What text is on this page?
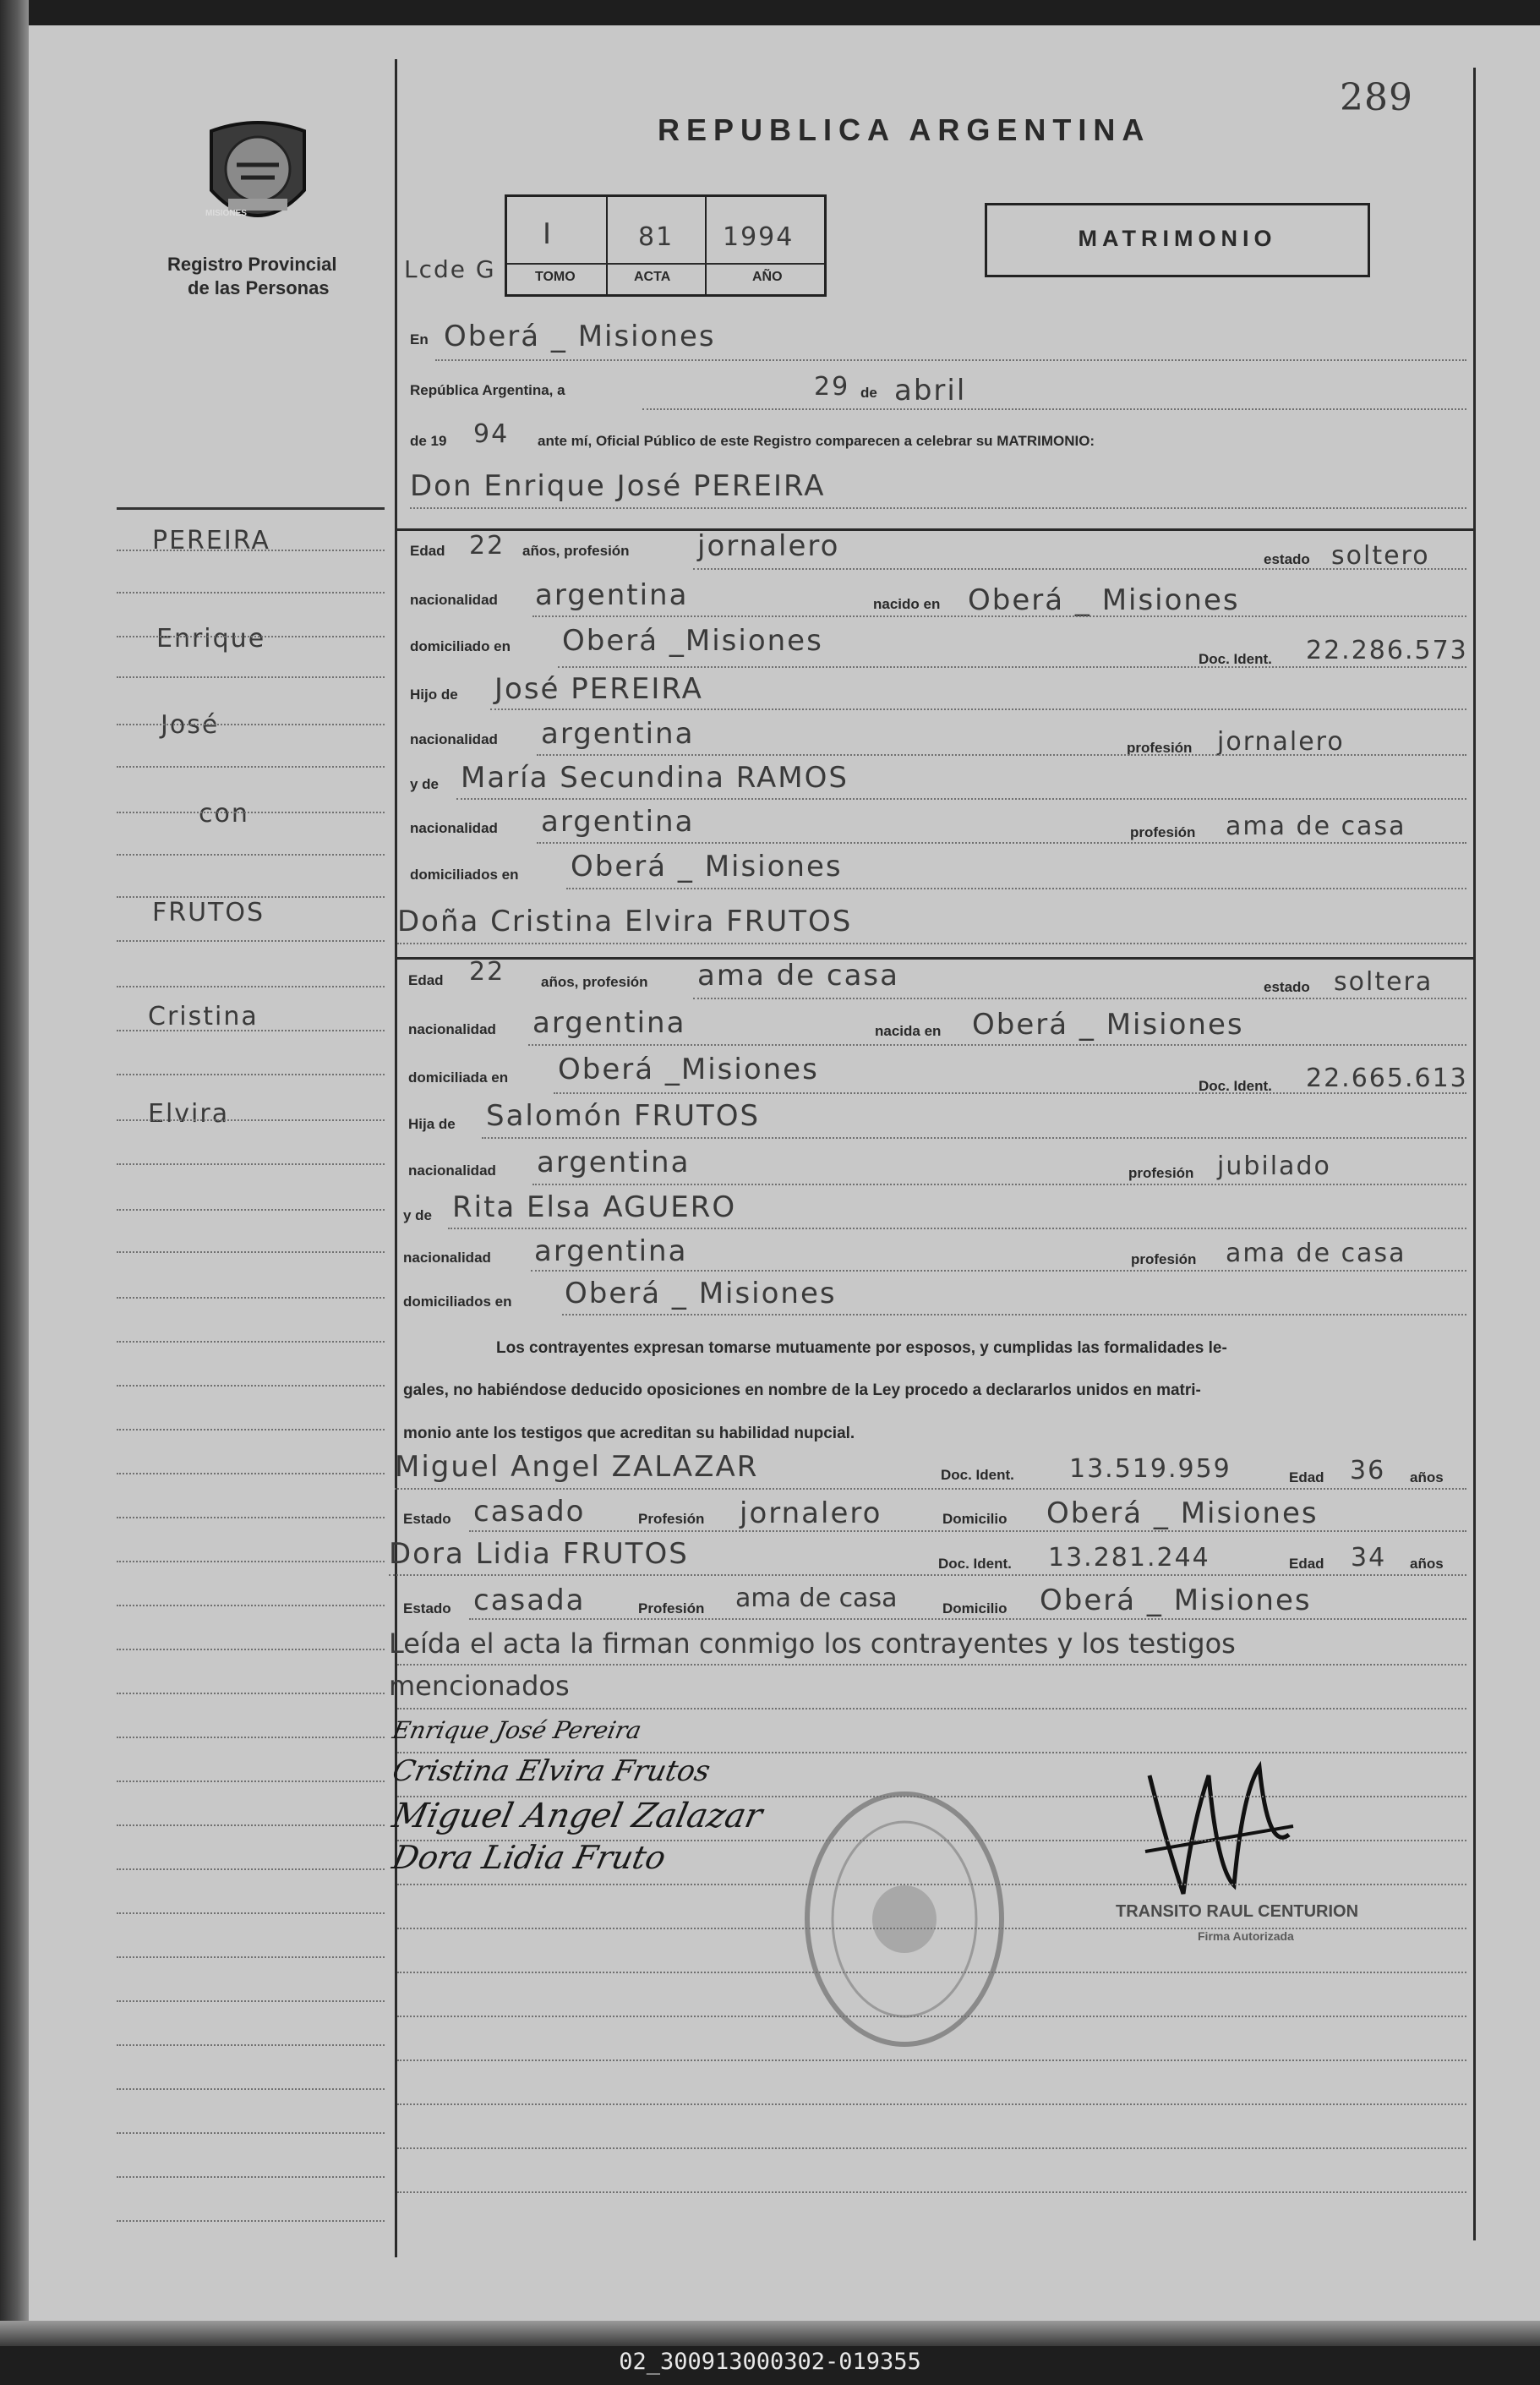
REPUBLICA ARGENTINA
289
MATRIMONIO
MISIONES
Registro Provincial
de las Personas
Lcde G
I	81 1994
TOMO	ACTA	AÑO
En Oberá _ Misiones
República Argentina, a	29 de abril
de 19 94 ante mí, Oficial Público de este Registro comparecen a celebrar su MATRIMONIO:
Don Enrique José PEREIRA
Edad 22 años, profesión jornalero	estado soltero
nacionalidad argentina	nacido en Oberá _ Misiones
domiciliado en Oberá _Misiones
Doc. Ident. 22.286.573
Hijo de José PEREIRA
nacionalidad argentina	profesión jornalero
y de María Secundina RAMOS
nacionalidad argentina	profesión ama de casa
domiciliados en Oberá _ Misiones
Doña Cristina Elvira FRUTOS
Edad 22	años, profesión ama de casa	estado soltera
nacionalidad argentina	nacida en Oberá _ Misiones
domiciliada en Oberá _Misiones	Doc. Ident. 22.665.613
Hija de Salomón FRUTOS
nacionalidad argentina	profesión jubilado
y de Rita Elsa AGUERO
nacionalidad argentina	profesión ama de casa
domiciliados en Oberá _ Misiones
Los contrayentes expresan tomarse mutuamente por esposos, y cumplidas las formalidades le-
gales, no habiéndose deducido oposiciones en nombre de la Ley procedo a declararlos unidos en matri-
monio ante los testigos que acreditan su habilidad nupcial.
Miguel Angel ZALAZAR	Doc. Ident. 13.519.959	Edad 36 años
Estado casado	Profesión jornalero	Domicilio Oberá _ Misiones
Dora Lidia FRUTOS	Doc. Ident. 13.281.244	Edad 34 años
Estado casada	Profesión ama de casa	Domicilio Oberá _ Misiones
Leída el acta la firman conmigo los contrayentes y los testigos
mencionados
Enrique José Pereira
Cristina Elvira Frutos
Miguel Angel Zalazar
Dora Lidia Fruto
TRANSITO RAUL CENTURION
Firma Autorizada
PEREIRA
Enrique
José
con
FRUTOS
Cristina
Elvira
02_300913000302-019355
